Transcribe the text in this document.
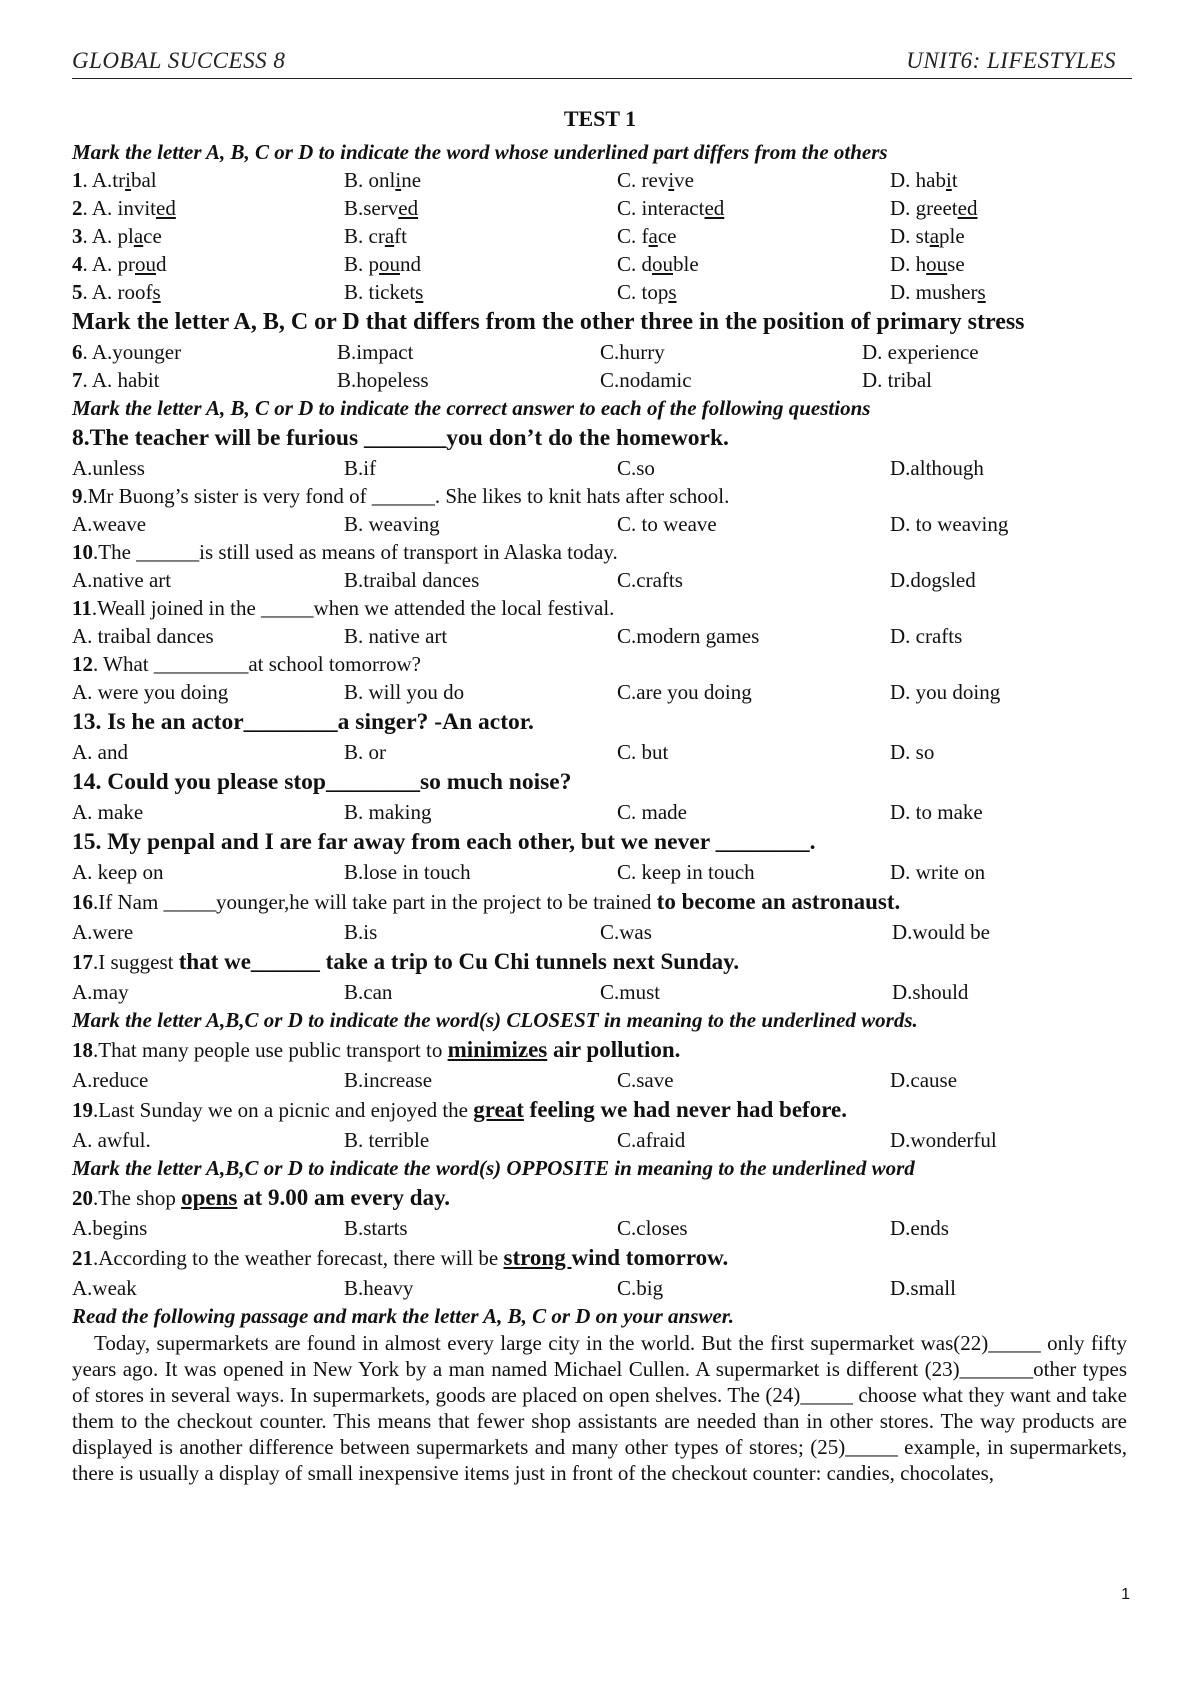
GLOBAL SUCCESS 8	UNIT6: LIFESTYLES
TEST 1
Mark the letter A, B, C or D to indicate the word whose underlined part differs from the others
1. A.tribal	B. online	C. revive	D. habit
2. A. invited	B.served	C. interacted	D. greeted
3. A. place	B. craft	C. face	D. staple
4. A. proud	B. pound	C. double	D. house
5. A. roofs	B. tickets	C. tops	D. mushers
Mark the letter A, B, C or D that differs from the other three in the position of primary stress
6. A.younger	B.impact	C.hurry	D. experience
7. A. habit	B.hopeless	C.nodamic	D. tribal
Mark the letter A, B, C or D to indicate the correct answer to each of the following questions
8.The teacher will be furious _______you don’t do the homework.
A.unless	B.if	C.so	D.although
9.Mr Buong’s sister is very fond of ______. She likes to knit hats after school.
A.weave	B. weaving	C. to weave	D. to weaving
10.The ______is still used as means of transport in Alaska today.
A.native art	B.traibal dances	C.crafts	D.dogsled
11.Weall joined in the _____when we attended the local festival.
A. traibal dances	B. native art	C.modern games	D. crafts
12. What _________at school tomorrow?
A. were you doing	B. will you do	C.are you doing	D. you doing
13. Is he an actor________a singer? -An actor.
A. and	B. or	C. but	D. so
14. Could you please stop________so much noise?
A. make	B. making	C. made	D. to make
15. My penpal and I are far away from each other, but we never ________.
A. keep on	B.lose in touch	C. keep in touch	D. write on
16.If Nam _____younger,he will take part in the project to be trained to become an astronaust.
A.were	B.is	C.was	D.would be
17.I suggest that we______ take a trip to Cu Chi tunnels next Sunday.
A.may	B.can	C.must	D.should
Mark the letter A,B,C or D to indicate the word(s) CLOSEST in meaning to the underlined words.
18.That many people use public transport to minimizes air pollution.
A.reduce	B.increase	C.save	D.cause
19.Last Sunday we on a picnic and enjoyed the great feeling we had never had before.
A. awful.	B. terrible	C.afraid	D.wonderful
Mark the letter A,B,C or D to indicate the word(s) OPPOSITE in meaning to the underlined word
20.The shop opens at 9.00 am every day.
A.begins	B.starts	C.closes	D.ends
21.According to the weather forecast, there will be strong wind tomorrow.
A.weak	B.heavy	C.big	D.small
Read the following passage and mark the letter A, B, C or D on your answer.
Today, supermarkets are found in almost every large city in the world. But the first supermarket was(22)_____ only fifty years ago. It was opened in New York by a man named Michael Cullen. A supermarket is different (23)_______other types of stores in several ways. In supermarkets, goods are placed on open shelves. The (24)_____ choose what they want and take them to the checkout counter. This means that fewer shop assistants are needed than in other stores. The way products are displayed is another difference between supermarkets and many other types of stores; (25)_____ example, in supermarkets, there is usually a display of small inexpensive items just in front of the checkout counter: candies, chocolates,
1
